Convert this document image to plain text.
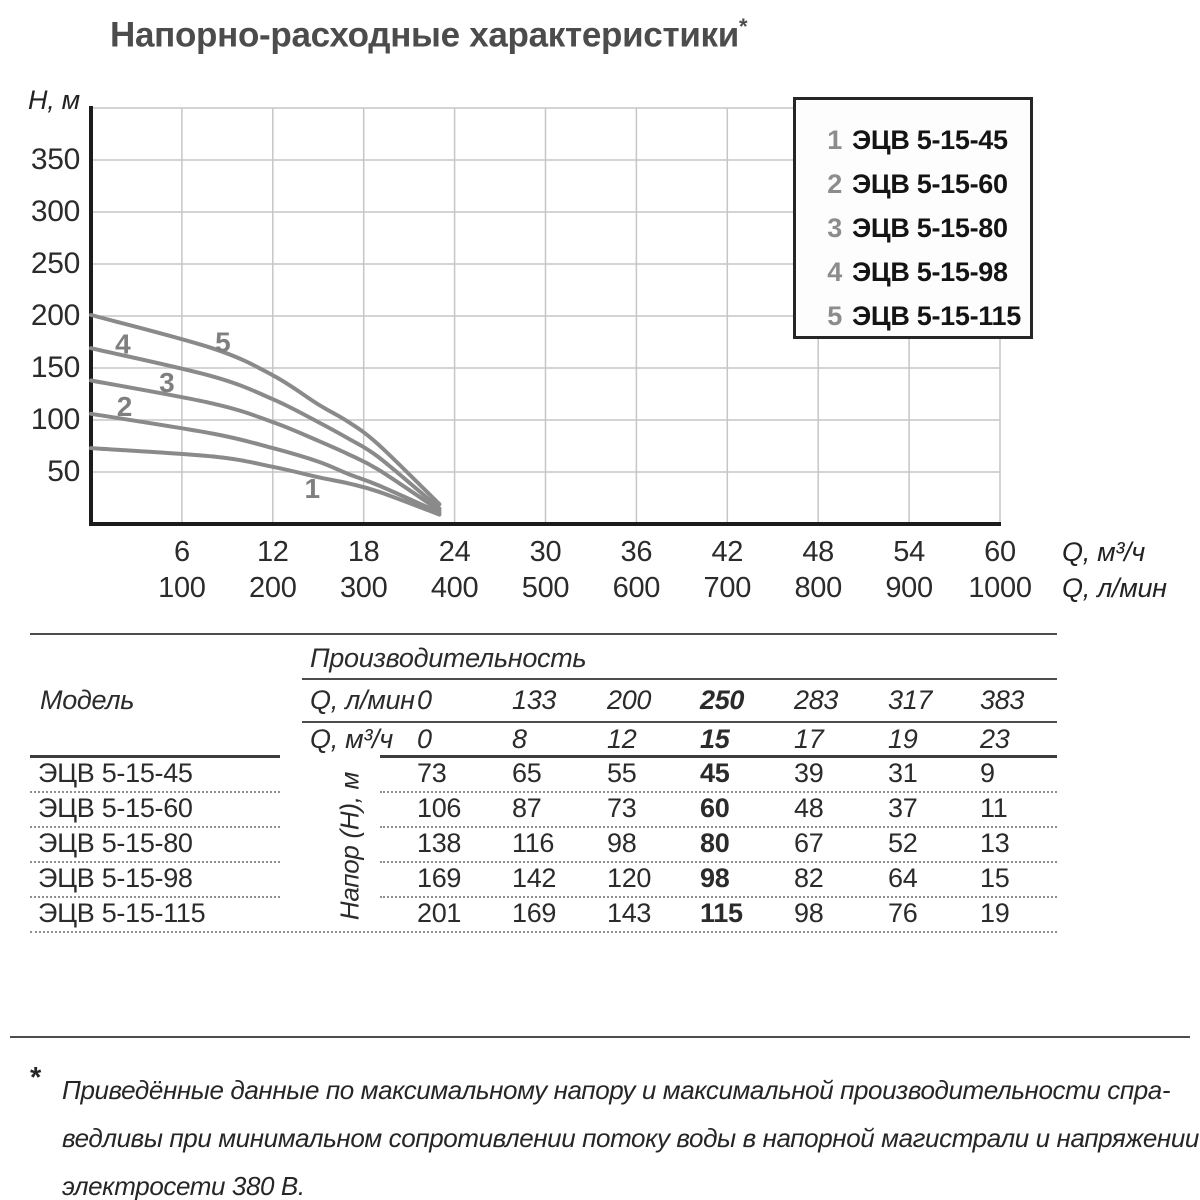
Напорно-расходные характеристики*
H, м
1
2
3
4	5
350
300
250
200
150
100
50
6
100
12
200
18
300
24
400
30
500
36
600
42
700
48
800
54
900
60
1000
Q, м³/ч
Q, л/мин
1 ЭЦВ 5-15-45
2 ЭЦВ 5-15-60
3 ЭЦВ 5-15-80
4 ЭЦВ 5-15-98
5 ЭЦВ 5-15-115
Производительность
Модель	Q, л/мин 0	133 200 250 283 317 383
Q, м³/ч 0	8	12 15 17 19 23
Напор (Н), м
ЭЦВ 5-15-45	73 65 55 45 39 31 9
ЭЦВ 5-15-60	106 87 73 60 48 37 11
ЭЦВ 5-15-80	138 116 98 80 67 52 13
ЭЦВ 5-15-98	169 142 120 98 82 64 15
ЭЦВ 5-15-115	201 169 143 115 98 76 19
* Приведённые данные по максимальному напору и максимальной производительности спра-
ведливы при минимальном сопротивлении потоку воды в напорной магистрали и напряжении
электросети 380 В.
